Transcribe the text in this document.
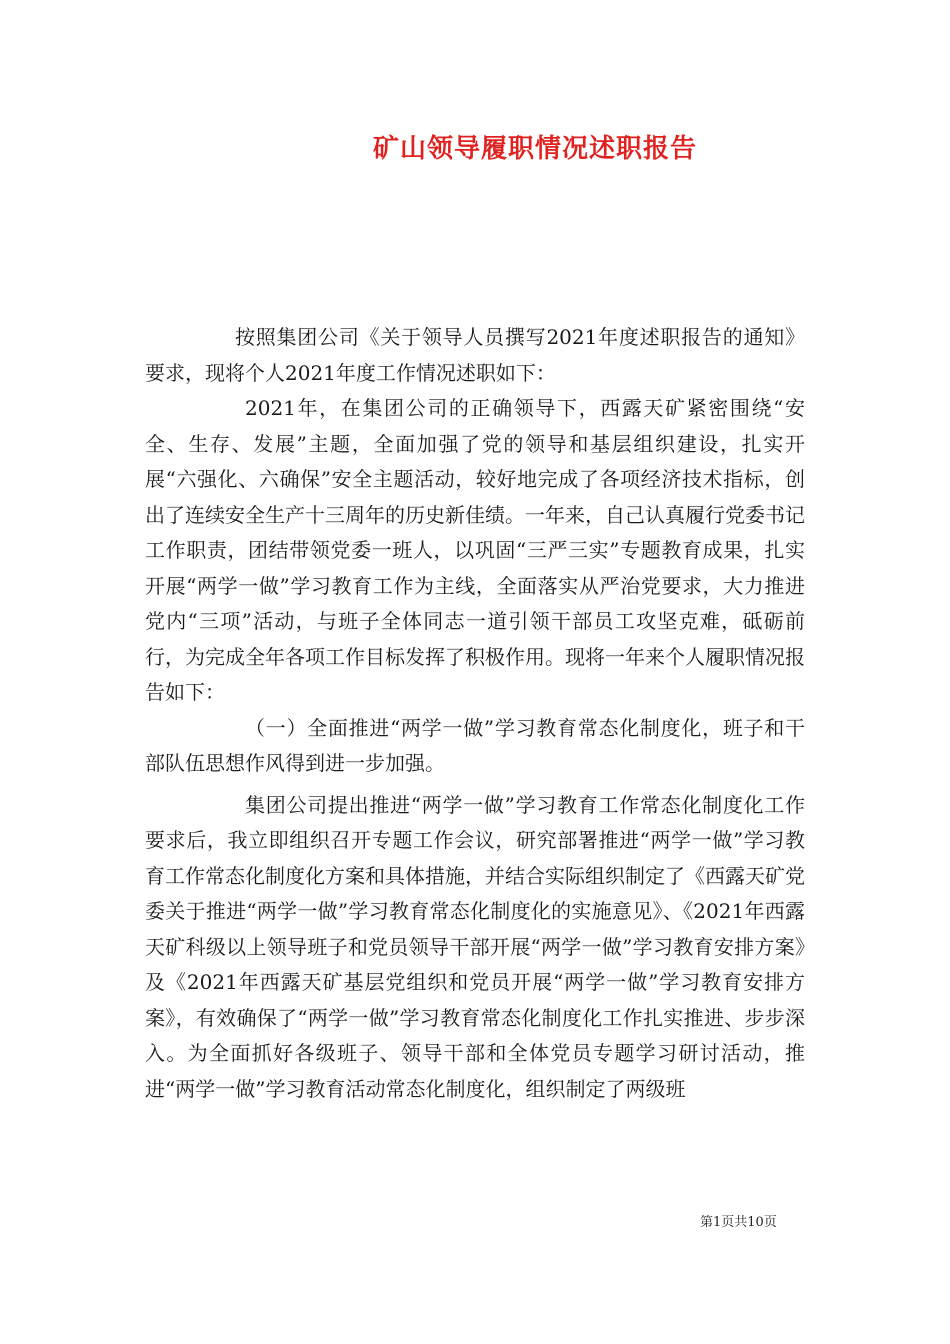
矿山领导履职情况述职报告

按照集团公司《关于领导人员撰写2021年度述职报告的通知》要求，现将个人2021年度工作情况述职如下：

2021年，在集团公司的正确领导下，西露天矿紧密围绕“安全、生存、发展”主题，全面加强了党的领导和基层组织建设，扎实开展“六强化、六确保”安全主题活动，较好地完成了各项经济技术指标，创出了连续安全生产十三周年的历史新佳绩。一年来，自己认真履行党委书记工作职责，团结带领党委一班人，以巩固“三严三实”专题教育成果，扎实开展“两学一做”学习教育工作为主线，全面落实从严治党要求，大力推进党内“三项”活动，与班子全体同志一道引领干部员工攻坚克难，砥砺前行，为完成全年各项工作目标发挥了积极作用。现将一年来个人履职情况报告如下：

（一）全面推进“两学一做”学习教育常态化制度化，班子和干部队伍思想作风得到进一步加强。

集团公司提出推进“两学一做”学习教育工作常态化制度化工作要求后，我立即组织召开专题工作会议，研究部署推进“两学一做”学习教育工作常态化制度化方案和具体措施，并结合实际组织制定了《西露天矿党委关于推进“两学一做”学习教育常态化制度化的实施意见》、《2021年西露天矿科级以上领导班子和党员领导干部开展“两学一做”学习教育安排方案》及《2021年西露天矿基层党组织和党员开展“两学一做”学习教育安排方案》，有效确保了“两学一做”学习教育常态化制度化工作扎实推进、步步深入。为全面抓好各级班子、领导干部和全体党员专题学习研讨活动，推进“两学一做”学习教育活动常态化制度化，组织制定了两级班

第1页共10页
